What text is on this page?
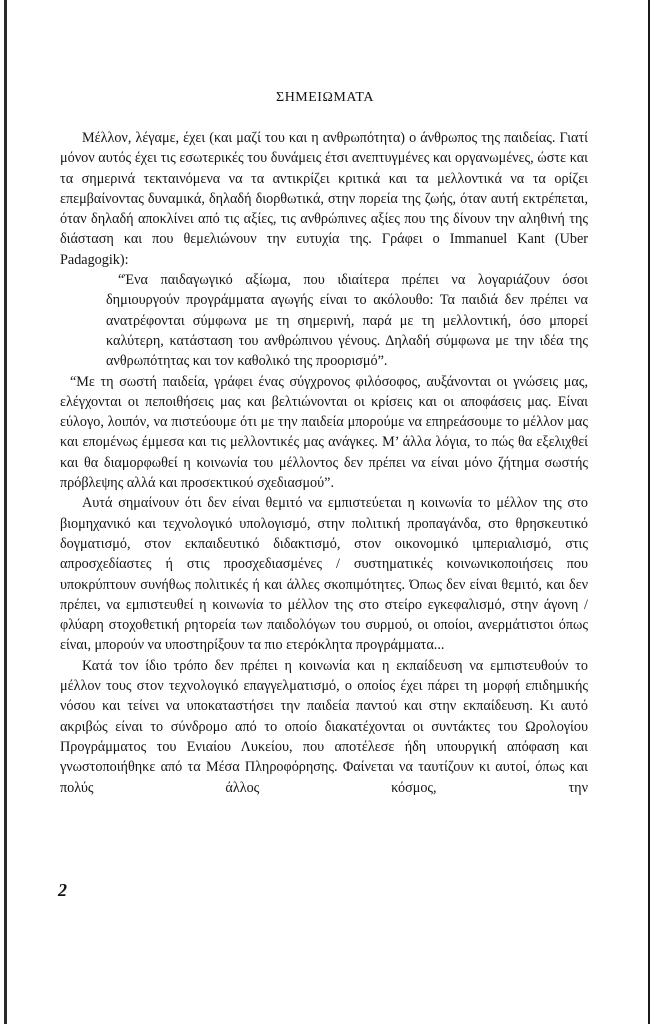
ΣΗΜΕΙΩΜΑΤΑ

Μέλλον, λέγαμε, έχει (και μαζί του και η ανθρωπότητα) ο άνθρωπος της παιδείας. Γιατί μόνον αυτός έχει τις εσωτερικές του δυνάμεις έτσι ανεπτυγμένες και οργανωμένες, ώστε και τα σημερινά τεκταινόμενα να τα αντικρίζει κριτικά και τα μελλοντικά να τα ορίζει επεμβαίνοντας δυναμικά, δηλαδή διορθωτικά, στην πορεία της ζωής, όταν αυτή εκτρέπεται, όταν δηλαδή αποκλίνει από τις αξίες, τις ανθρώπινες αξίες που της δίνουν την αληθινή της διάσταση και που θεμελιώνουν την ευτυχία της. Γράφει ο Immanuel Kant (Uber Padagogik):

“Ένα παιδαγωγικό αξίωμα, που ιδιαίτερα πρέπει να λογαριάζουν όσοι δημιουργούν προγράμματα αγωγής είναι το ακόλουθο: Τα παιδιά δεν πρέπει να ανατρέφονται σύμφωνα με τη σημερινή, παρά με τη μελλοντική, όσο μπορεί καλύτερη, κατάσταση του ανθρώπινου γένους. Δηλαδή σύμφωνα με την ιδέα της ανθρωπότητας και τον καθολικό της προορισμό”.

“Με τη σωστή παιδεία, γράφει ένας σύγχρονος φιλόσοφος, αυξάνονται οι γνώσεις μας, ελέγχονται οι πεποιθήσεις μας και βελτιώνονται οι κρίσεις και οι αποφάσεις μας. Είναι εύλογο, λοιπόν, να πιστεύουμε ότι με την παιδεία μπορούμε να επηρεάσουμε το μέλλον μας και επομένως έμμεσα και τις μελλοντικές μας ανάγκες. Μ’ άλλα λόγια, το πώς θα εξελιχθεί και θα διαμορφωθεί η κοινωνία του μέλλοντος δεν πρέπει να είναι μόνο ζήτημα σωστής πρόβλεψης αλλά και προσεκτικού σχεδιασμού”.

Αυτά σημαίνουν ότι δεν είναι θεμιτό να εμπιστεύεται η κοινωνία το μέλλον της στο βιομηχανικό και τεχνολογικό υπολογισμό, στην πολιτική προπαγάνδα, στο θρησκευτικό δογματισμό, στον εκπαιδευτικό διδακτισμό, στον οικονομικό ιμπεριαλισμό, στις απροσχεδίαστες ή στις προσχεδιασμένες / συστηματικές κοινωνικοποιήσεις που υποκρύπτουν συνήθως πολιτικές ή και άλλες σκοπιμότητες. Όπως δεν είναι θεμιτό, και δεν πρέπει, να εμπιστευθεί η κοινωνία το μέλλον της στο στείρο εγκεφαλισμό, στην άγονη / φλύαρη στοχοθετική ρητορεία των παιδολόγων του συρμού, οι οποίοι, ανερμάτιστοι όπως είναι, μπορούν να υποστηρίξουν τα πιο ετερόκλητα προγράμματα...

Κατά τον ίδιο τρόπο δεν πρέπει η κοινωνία και η εκπαίδευση να εμπιστευθούν το μέλλον τους στον τεχνολογικό επαγγελματισμό, ο οποίος έχει πάρει τη μορφή επιδημικής νόσου και τείνει να υποκαταστήσει την παιδεία παντού και στην εκπαίδευση. Κι αυτό ακριβώς είναι το σύνδρομο από το οποίο διακατέχονται οι συντάκτες του Ωρολογίου Προγράμματος του Ενιαίου Λυκείου, που αποτέλεσε ήδη υπουργική απόφαση και γνωστοποιήθηκε από τα Μέσα Πληροφόρησης. Φαίνεται να ταυτίζουν κι αυτοί, όπως και πολύς άλλος κόσμος, την

2
